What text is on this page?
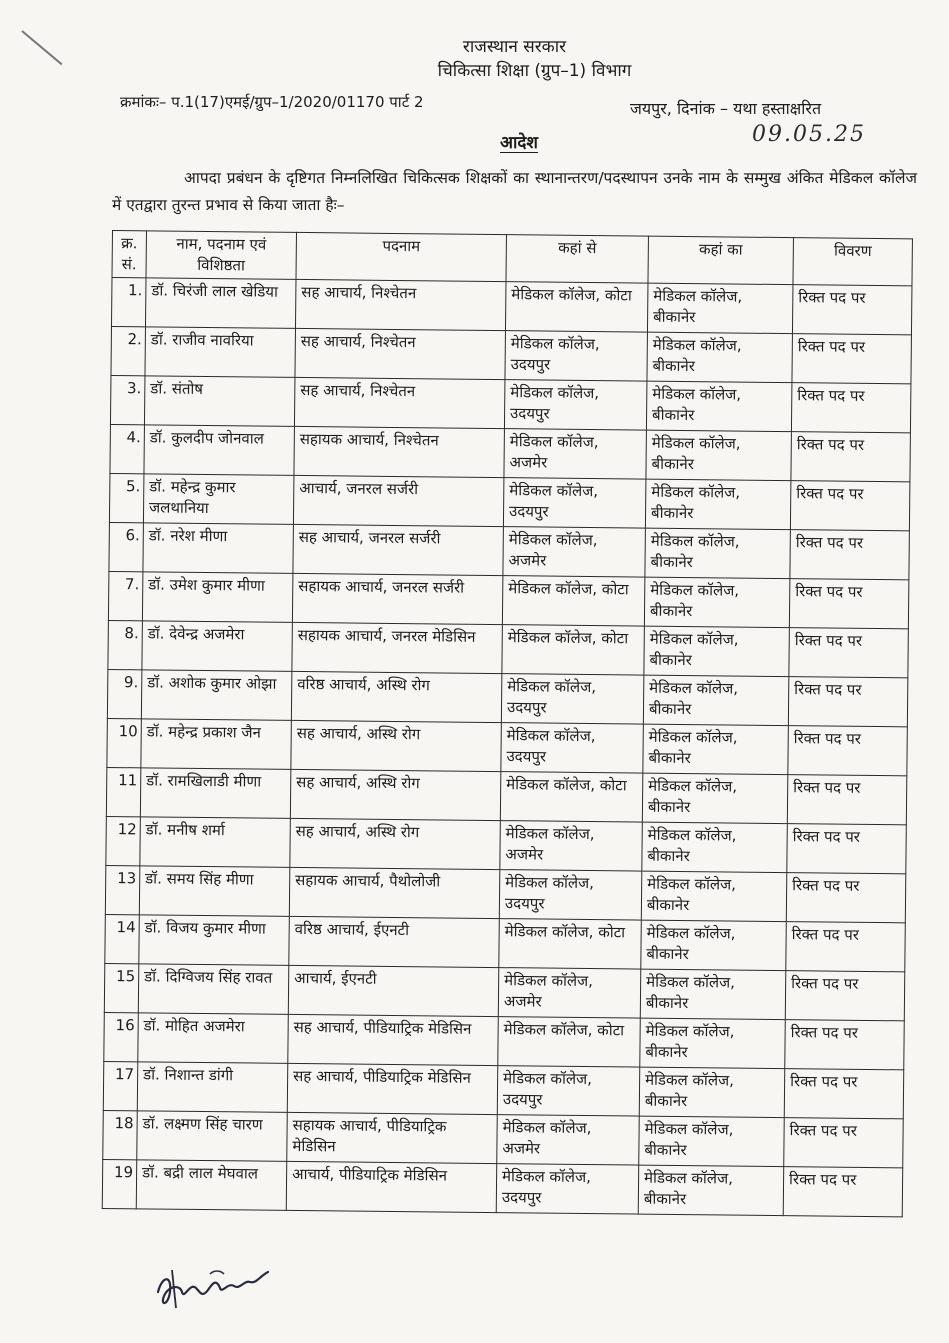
राजस्थान सरकार
चिकित्सा शिक्षा (ग्रुप–1) विभाग
क्रमांकः– प.1(17)एमई/ग्रुप–1/2020/01170 पार्ट 2	जयपुर, दिनांक – यथा हस्ताक्षरित
09.05.25
आदेश
आपदा प्रबंधन के दृष्टिगत निम्नलिखित चिकित्सक शिक्षकों का स्थानान्तरण/पदस्थापन उनके नाम के सम्मुख अंकित मेडिकल कॉलेज में एतद्वारा तुरन्त प्रभाव से किया जाता हैः–
क्र. सं.	नाम, पदनाम एवं विशिष्ठता	पदनाम	कहां से	कहां का	विवरण
1.	डॉ. चिरंजी लाल खेडिया	सह आचार्य, निश्चेतन	मेडिकल कॉलेज, कोटा	मेडिकल कॉलेज, बीकानेर	रिक्त पद पर
2.	डॉ. राजीव नावरिया	सह आचार्य, निश्चेतन	मेडिकल कॉलेज, उदयपुर	मेडिकल कॉलेज, बीकानेर	रिक्त पद पर
3.	डॉ. संतोष	सह आचार्य, निश्चेतन	मेडिकल कॉलेज, उदयपुर	मेडिकल कॉलेज, बीकानेर	रिक्त पद पर
4.	डॉ. कुलदीप जोनवाल	सहायक आचार्य, निश्चेतन	मेडिकल कॉलेज, अजमेर	मेडिकल कॉलेज, बीकानेर	रिक्त पद पर
5.	डॉ. महेन्द्र कुमार जलथानिया	आचार्य, जनरल सर्जरी	मेडिकल कॉलेज, उदयपुर	मेडिकल कॉलेज, बीकानेर	रिक्त पद पर
6.	डॉ. नरेश मीणा	सह आचार्य, जनरल सर्जरी	मेडिकल कॉलेज, अजमेर	मेडिकल कॉलेज, बीकानेर	रिक्त पद पर
7.	डॉ. उमेश कुमार मीणा	सहायक आचार्य, जनरल सर्जरी	मेडिकल कॉलेज, कोटा	मेडिकल कॉलेज, बीकानेर	रिक्त पद पर
8.	डॉ. देवेन्द्र अजमेरा	सहायक आचार्य, जनरल मेडिसिन	मेडिकल कॉलेज, कोटा	मेडिकल कॉलेज, बीकानेर	रिक्त पद पर
9.	डॉ. अशोक कुमार ओझा	वरिष्ठ आचार्य, अस्थि रोग	मेडिकल कॉलेज, उदयपुर	मेडिकल कॉलेज, बीकानेर	रिक्त पद पर
10	डॉ. महेन्द्र प्रकाश जैन	सह आचार्य, अस्थि रोग	मेडिकल कॉलेज, उदयपुर	मेडिकल कॉलेज, बीकानेर	रिक्त पद पर
11	डॉ. रामखिलाडी मीणा	सह आचार्य, अस्थि रोग	मेडिकल कॉलेज, कोटा	मेडिकल कॉलेज, बीकानेर	रिक्त पद पर
12	डॉ. मनीष शर्मा	सह आचार्य, अस्थि रोग	मेडिकल कॉलेज, अजमेर	मेडिकल कॉलेज, बीकानेर	रिक्त पद पर
13	डॉ. समय सिंह मीणा	सहायक आचार्य, पैथोलोजी	मेडिकल कॉलेज, उदयपुर	मेडिकल कॉलेज, बीकानेर	रिक्त पद पर
14	डॉ. विजय कुमार मीणा	वरिष्ठ आचार्य, ईएनटी	मेडिकल कॉलेज, कोटा	मेडिकल कॉलेज, बीकानेर	रिक्त पद पर
15	डॉ. दिग्विजय सिंह रावत	आचार्य, ईएनटी	मेडिकल कॉलेज, अजमेर	मेडिकल कॉलेज, बीकानेर	रिक्त पद पर
16	डॉ. मोहित अजमेरा	सह आचार्य, पीडियाट्रिक मेडिसिन	मेडिकल कॉलेज, कोटा	मेडिकल कॉलेज, बीकानेर	रिक्त पद पर
17	डॉ. निशान्त डांगी	सह आचार्य, पीडियाट्रिक मेडिसिन	मेडिकल कॉलेज, उदयपुर	मेडिकल कॉलेज, बीकानेर	रिक्त पद पर
18	डॉ. लक्ष्मण सिंह चारण	सहायक आचार्य, पीडियाट्रिक मेडिसिन	मेडिकल कॉलेज, अजमेर	मेडिकल कॉलेज, बीकानेर	रिक्त पद पर
19	डॉ. बद्री लाल मेघवाल	आचार्य, पीडियाट्रिक मेडिसिन	मेडिकल कॉलेज, उदयपुर	मेडिकल कॉलेज, बीकानेर	रिक्त पद पर
